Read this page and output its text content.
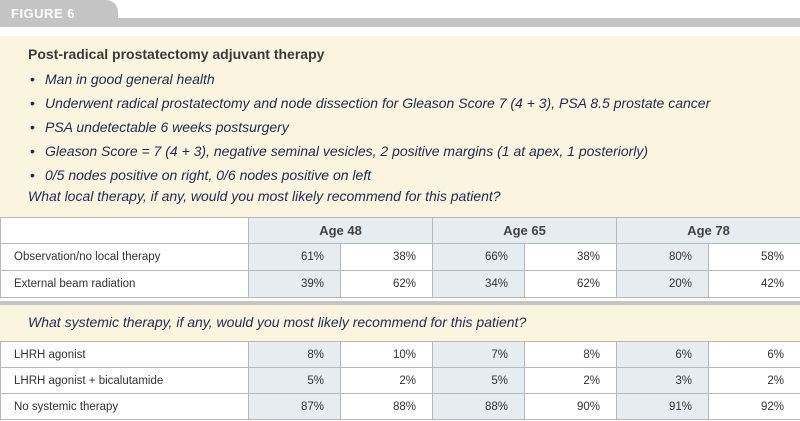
FIGURE 6
Post-radical prostatectomy adjuvant therapy
• Man in good general health
• Underwent radical prostatectomy and node dissection for Gleason Score 7 (4 + 3), PSA 8.5 prostate cancer
• PSA undetectable 6 weeks postsurgery
• Gleason Score = 7 (4 + 3), negative seminal vesicles, 2 positive margins (1 at apex, 1 posteriorly)
• 0/5 nodes positive on right, 0/6 nodes positive on left
What local therapy, if any, would you most likely recommend for this patient?
	Age 48		Age 65		Age 78	
Observation/no local therapy	61%	38%	66%	38%	80%	58%
External beam radiation	39%	62%	34%	62%	20%	42%
What systemic therapy, if any, would you most likely recommend for this patient?
LHRH agonist	8%	10%	7%	8%	6%	6%
LHRH agonist + bicalutamide	5%	2%	5%	2%	3%	2%
No systemic therapy	87%	88%	88%	90%	91%	92%
